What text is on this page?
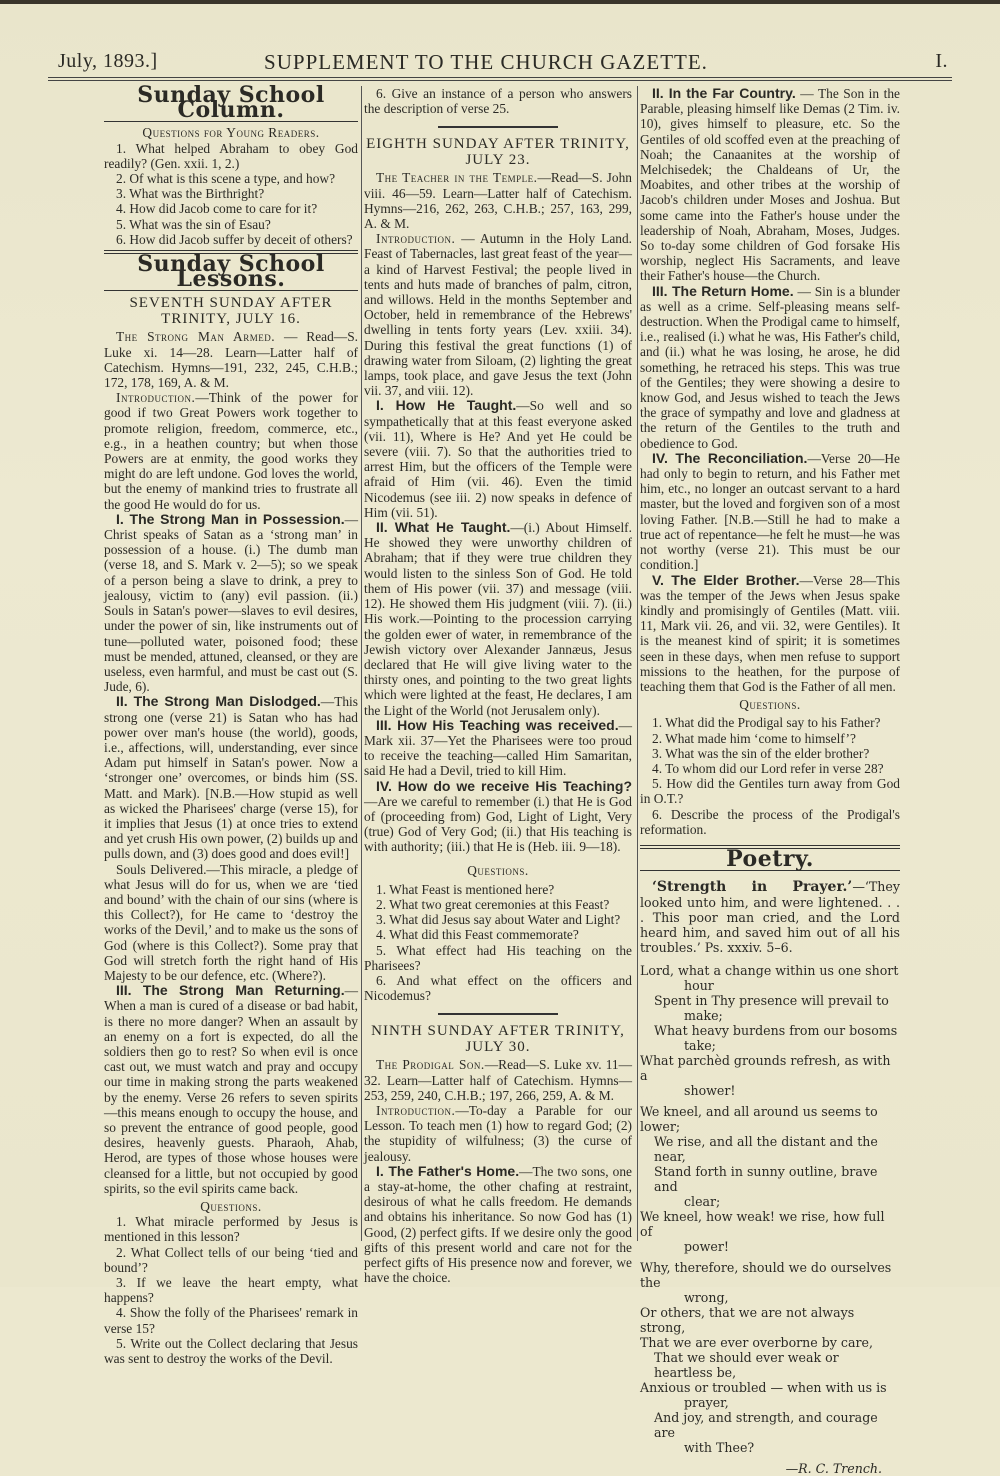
July, 1893.]	SUPPLEMENT TO THE CHURCH GAZETTE.	I.
Sunday School Column.

Questions for Young Readers.

1. What helped Abraham to obey God readily? (Gen. xxii. 1, 2.)

2. Of what is this scene a type, and how?

3. What was the Birthright?

4. How did Jacob come to care for it?

5. What was the sin of Esau?

6. How did Jacob suffer by deceit of others?

Sunday School Lessons.
SEVENTH SUNDAY AFTER TRINITY, JULY 16.

The Strong Man Armed. — Read—S. Luke xi. 14—28. Learn—Latter half of Catechism. Hymns—191, 232, 245, C.H.B.; 172, 178, 169, A. & M.

Introduction.—Think of the power for good if two Great Powers work together to promote religion, freedom, commerce, etc., e.g., in a heathen country; but when those Powers are at enmity, the good works they might do are left undone. God loves the world, but the enemy of mankind tries to frustrate all the good He would do for us.

I. The Strong Man in Possession.—Christ speaks of Satan as a ‘strong man’ in possession of a house. (i.) The dumb man (verse 18, and S. Mark v. 2—5); so we speak of a person being a slave to drink, a prey to jealousy, victim to (any) evil passion. (ii.) Souls in Satan's power—slaves to evil desires, under the power of sin, like instruments out of tune—polluted water, poisoned food; these must be mended, attuned, cleansed, or they are useless, even harmful, and must be cast out (S. Jude, 6).

II. The Strong Man Dislodged.—This strong one (verse 21) is Satan who has had power over man's house (the world), goods, i.e., affections, will, understanding, ever since Adam put himself in Satan's power. Now a ‘stronger one’ overcomes, or binds him (SS. Matt. and Mark). [N.B.—How stupid as well as wicked the Pharisees' charge (verse 15), for it implies that Jesus (1) at once tries to extend and yet crush His own power, (2) builds up and pulls down, and (3) does good and does evil!]

Souls Delivered.—This miracle, a pledge of what Jesus will do for us, when we are ‘tied and bound’ with the chain of our sins (where is this Collect?), for He came to ‘destroy the works of the Devil,’ and to make us the sons of God (where is this Collect?). Some pray that God will stretch forth the right hand of His Majesty to be our defence, etc. (Where?).

III. The Strong Man Returning.—When a man is cured of a disease or bad habit, is there no more danger? When an assault by an enemy on a fort is expected, do all the soldiers then go to rest? So when evil is once cast out, we must watch and pray and occupy our time in making strong the parts weakened by the enemy. Verse 26 refers to seven spirits —this means enough to occupy the house, and so prevent the entrance of good people, good desires, heavenly guests. Pharaoh, Ahab, Herod, are types of those whose houses were cleansed for a little, but not occupied by good spirits, so the evil spirits came back.

Questions.

1. What miracle performed by Jesus is mentioned in this lesson?

2. What Collect tells of our being ‘tied and bound’?

3. If we leave the heart empty, what happens?

4. Show the folly of the Pharisees' remark in verse 15?

5. Write out the Collect declaring that Jesus was sent to destroy the works of the Devil.

6. Give an instance of a person who answers the description of verse 25.

EIGHTH SUNDAY AFTER TRINITY, JULY 23.

The Teacher in the Temple.—Read—S. John viii. 46—59. Learn—Latter half of Catechism. Hymns—216, 262, 263, C.H.B.; 257, 163, 299, A. & M.

Introduction. — Autumn in the Holy Land. Feast of Tabernacles, last great feast of the year—a kind of Harvest Festival; the people lived in tents and huts made of branches of palm, citron, and willows. Held in the months September and October, held in remembrance of the Hebrews' dwelling in tents forty years (Lev. xxiii. 34). During this festival the great functions (1) of drawing water from Siloam, (2) lighting the great lamps, took place, and gave Jesus the text (John vii. 37, and viii. 12).

I. How He Taught.—So well and so sympathetically that at this feast everyone asked (vii. 11), Where is He? And yet He could be severe (viii. 7). So that the authorities tried to arrest Him, but the officers of the Temple were afraid of Him (vii. 46). Even the timid Nicodemus (see iii. 2) now speaks in defence of Him (vii. 51).

II. What He Taught.—(i.) About Himself. He showed they were unworthy children of Abraham; that if they were true children they would listen to the sinless Son of God. He told them of His power (vii. 37) and message (viii. 12). He showed them His judgment (viii. 7). (ii.) His work.—Pointing to the procession carrying the golden ewer of water, in remembrance of the Jewish victory over Alexander Jannæus, Jesus declared that He will give living water to the thirsty ones, and pointing to the two great lights which were lighted at the feast, He declares, I am the Light of the World (not Jerusalem only).

III. How His Teaching was received.—Mark xii. 37—Yet the Pharisees were too proud to receive the teaching—called Him Samaritan, said He had a Devil, tried to kill Him.

IV. How do we receive His Teaching?—Are we careful to remember (i.) that He is God of (proceeding from) God, Light of Light, Very (true) God of Very God; (ii.) that His teaching is with authority; (iii.) that He is (Heb. iii. 9—18).

Questions.

1. What Feast is mentioned here?

2. What two great ceremonies at this Feast?

3. What did Jesus say about Water and Light?

4. What did this Feast commemorate?

5. What effect had His teaching on the Pharisees?

6. And what effect on the officers and Nicodemus?

NINTH SUNDAY AFTER TRINITY, JULY 30.

The Prodigal Son.—Read—S. Luke xv. 11—32. Learn—Latter half of Catechism. Hymns—253, 259, 240, C.H.B.; 197, 266, 259, A. & M.

Introduction.—To-day a Parable for our Lesson. To teach men (1) how to regard God; (2) the stupidity of wilfulness; (3) the curse of jealousy.

I. The Father's Home.—The two sons, one a stay-at-home, the other chafing at restraint, desirous of what he calls freedom. He demands and obtains his inheritance. So now God has (1) Good, (2) perfect gifts. If we desire only the good gifts of this present world and care not for the perfect gifts of His presence now and forever, we have the choice.

II. In the Far Country. — The Son in the Parable, pleasing himself like Demas (2 Tim. iv. 10), gives himself to pleasure, etc. So the Gentiles of old scoffed even at the preaching of Noah; the Canaanites at the worship of Melchisedek; the Chaldeans of Ur, the Moabites, and other tribes at the worship of Jacob's children under Moses and Joshua. But some came into the Father's house under the leadership of Noah, Abraham, Moses, Judges. So to-day some children of God forsake His worship, neglect His Sacraments, and leave their Father's house—the Church.

III. The Return Home. — Sin is a blunder as well as a crime. Self-pleasing means self-destruction. When the Prodigal came to himself, i.e., realised (i.) what he was, His Father's child, and (ii.) what he was losing, he arose, he did something, he retraced his steps. This was true of the Gentiles; they were showing a desire to know God, and Jesus wished to teach the Jews the grace of sympathy and love and gladness at the return of the Gentiles to the truth and obedience to God.

IV. The Reconciliation.—Verse 20—He had only to begin to return, and his Father met him, etc., no longer an outcast servant to a hard master, but the loved and forgiven son of a most loving Father. [N.B.—Still he had to make a true act of repentance—he felt he must—he was not worthy (verse 21). This must be our condition.]

V. The Elder Brother.—Verse 28—This was the temper of the Jews when Jesus spake kindly and promisingly of Gentiles (Matt. viii. 11, Mark vii. 26, and vii. 32, were Gentiles). It is the meanest kind of spirit; it is sometimes seen in these days, when men refuse to support missions to the heathen, for the purpose of teaching them that God is the Father of all men.

Questions.

1. What did the Prodigal say to his Father?

2. What made him ‘come to himself’?

3. What was the sin of the elder brother?

4. To whom did our Lord refer in verse 28?

5. How did the Gentiles turn away from God in O.T.?

6. Describe the process of the Prodigal's reformation.

Poetry.

‘Strength in Prayer.’—‘They looked unto him, and were lightened. . . . This poor man cried, and the Lord heard him, and saved him out of all his troubles.’ Ps. xxxiv. 5–6.

Lord, what a change within us one short
hour
Spent in Thy presence will prevail to
make;
What heavy burdens from our bosoms
take;
What parchèd grounds refresh, as with a
shower!
We kneel, and all around us seems to lower;
We rise, and all the distant and the near,
Stand forth in sunny outline, brave and
clear;
We kneel, how weak! we rise, how full of
power!
Why, therefore, should we do ourselves the
wrong,
Or others, that we are not always strong,
That we are ever overborne by care,
That we should ever weak or heartless be,
Anxious or troubled — when with us is
prayer,
And joy, and strength, and courage are
with Thee?
—R. C. Trench.
